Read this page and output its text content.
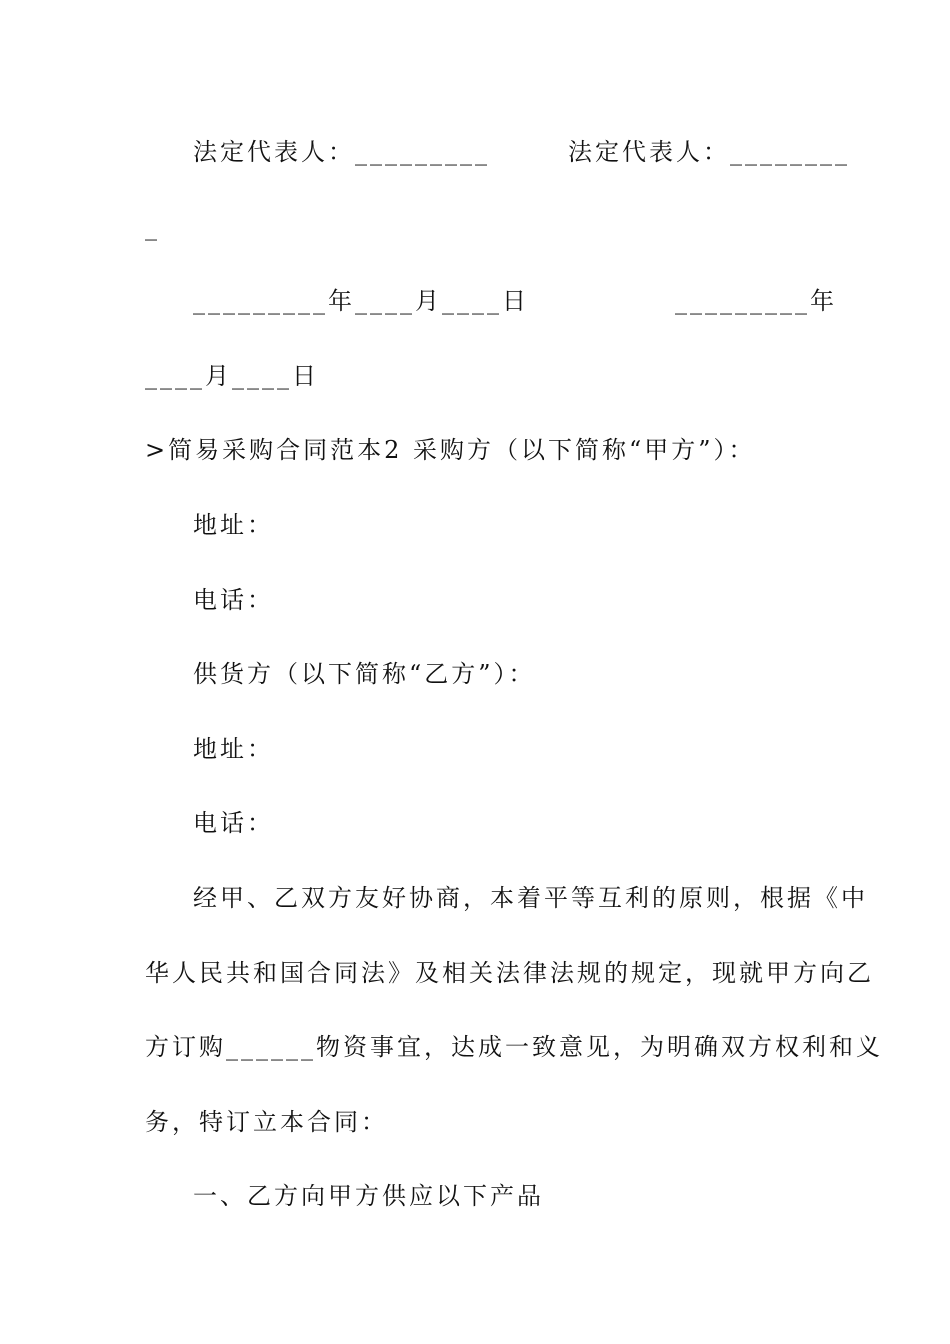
法定代表人：_________	法定代表人：________
_
_________年____月____日	_________年
____月____日
>简易采购合同范本2 采购方（以下简称“甲方”）：
地址：
电话：
供货方（以下简称“乙方”）：
地址：
电话：
经甲、乙双方友好协商，本着平等互利的原则，根据《中
华人民共和国合同法》及相关法律法规的规定，现就甲方向乙
方订购______物资事宜，达成一致意见，为明确双方权利和义
务，特订立本合同：
一、乙方向甲方供应以下产品
